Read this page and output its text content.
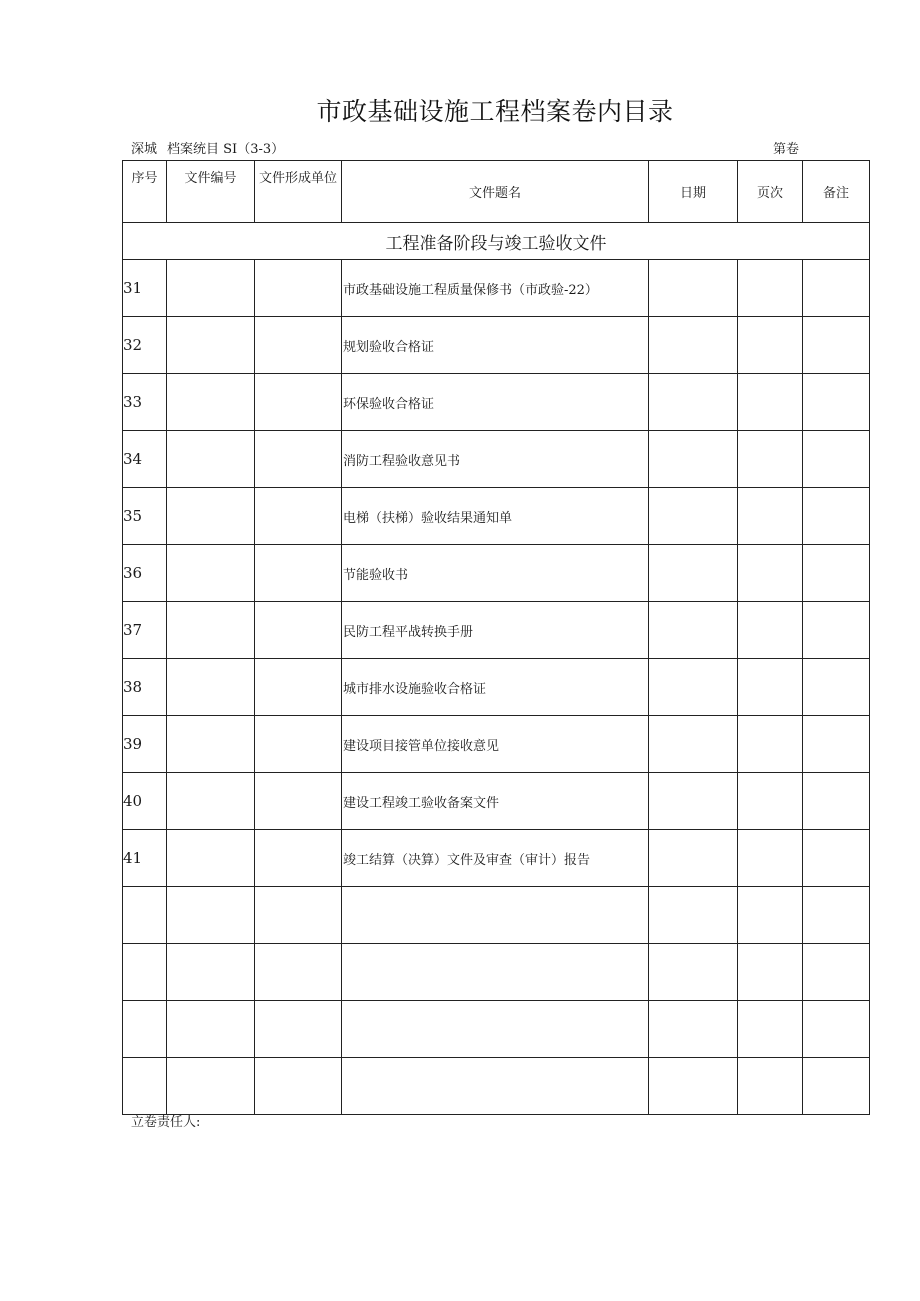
市政基础设施工程档案卷内目录
深城 档案统目 SI（3-3）	第卷
序号	文件编号	文件形成单位	文件题名	日期	页次	备注
工程准备阶段与竣工验收文件						
31			市政基础设施工程质量保修书（市政验-22）			
32			规划验收合格证			
33			环保验收合格证			
34			消防工程验收意见书			
35			电梯（扶梯）验收结果通知单			
36			节能验收书			
37			民防工程平战转换手册			
38			城市排水设施验收合格证			
39			建设项目接管单位接收意见			
40			建设工程竣工验收备案文件			
41			竣工结算（决算）文件及审查（审计）报告			

立卷责任人:
